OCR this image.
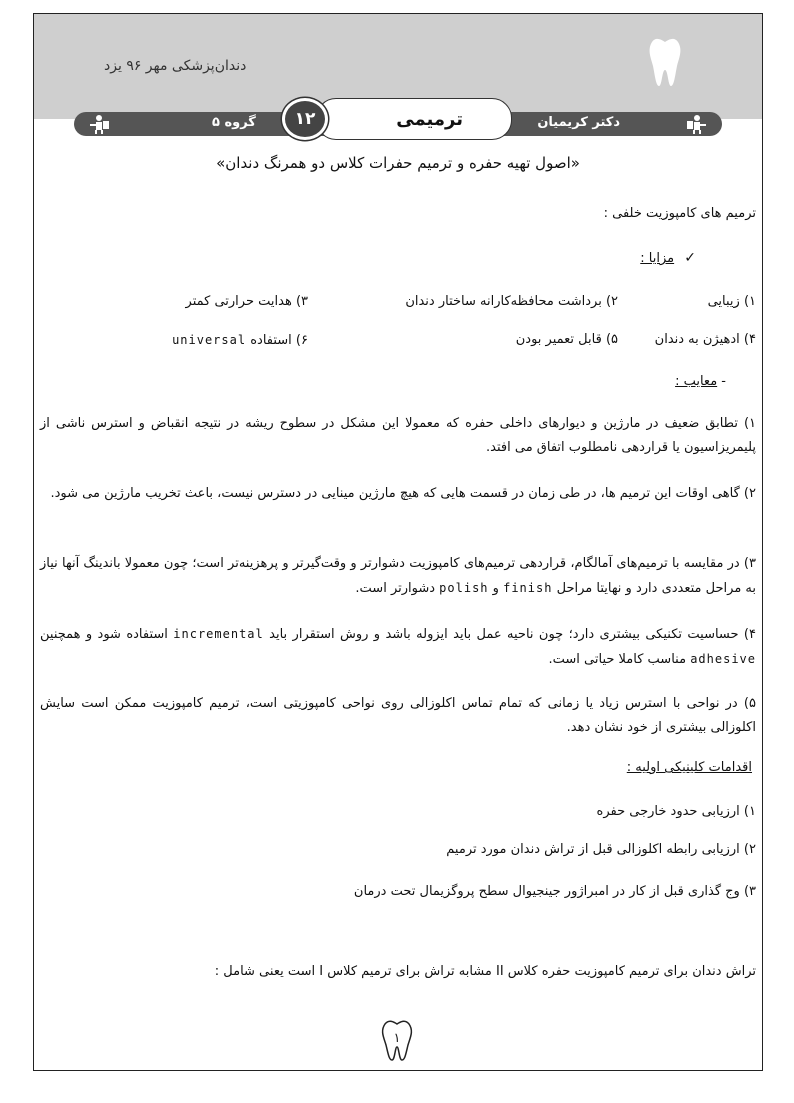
دندان‌پزشکی مهر ۹۶ یزد
گروه ۵	دکتر کریمیان
ترمیمی
۱۲
«اصول تهیه حفره و ترمیم حفرات کلاس دو همرنگ دندان»
ترمیم های کامپوزیت خلفی :
✓ مزایا :
۱) زیبایی
۲) برداشت محافظه‌کارانه ساختار دندان
۳) هدایت حرارتی کمتر
۴) ادهیژن به دندان
۵) قابل تعمیر بودن
۶) استفاده universal
- معایب :
۱) تطابق ضعیف در مارژین و دیوارهای داخلی حفره که معمولا این مشکل در سطوح ریشه در نتیجه انقباض و استرس ناشی از پلیمریزاسیون یا قراردهی نامطلوب اتفاق می افتد.
۲) گاهی اوقات این ترمیم ها، در طی زمان در قسمت هایی که هیچ مارژین مینایی در دسترس نیست، باعث تخریب مارژین می شود.
۳) در مقایسه با ترمیم‌های آمالگام، قراردهی ترمیم‌های کامپوزیت دشوارتر و وقت‌گیرتر و پرهزینه‌تر است؛ چون معمولا باندینگ آنها نیاز به مراحل متعددی دارد و نهایتا مراحل finish و polish دشوارتر است.
۴) حساسیت تکنیکی بیشتری دارد؛ چون ناحیه عمل باید ایزوله باشد و روش استقرار باید incremental استفاده شود و همچنین adhesive مناسب کاملا حیاتی است.
۵) در نواحی با استرس زیاد یا زمانی که تمام تماس اکلوزالی روی نواحی کامپوزیتی است، ترمیم کامپوزیت ممکن است سایش اکلوزالی بیشتری از خود نشان دهد.
اقدامات کلینیکی اولیه :
۱) ارزیابی حدود خارجی حفره
۲) ارزیابی رابطه اکلوزالی قبل از تراش دندان مورد ترمیم
۳) وج گذاری قبل از کار در امبراژور جینجیوال سطح پروگزیمال تحت درمان
تراش دندان برای ترمیم کامپوزیت حفره کلاس II مشابه تراش برای ترمیم کلاس I است یعنی شامل :
۱
